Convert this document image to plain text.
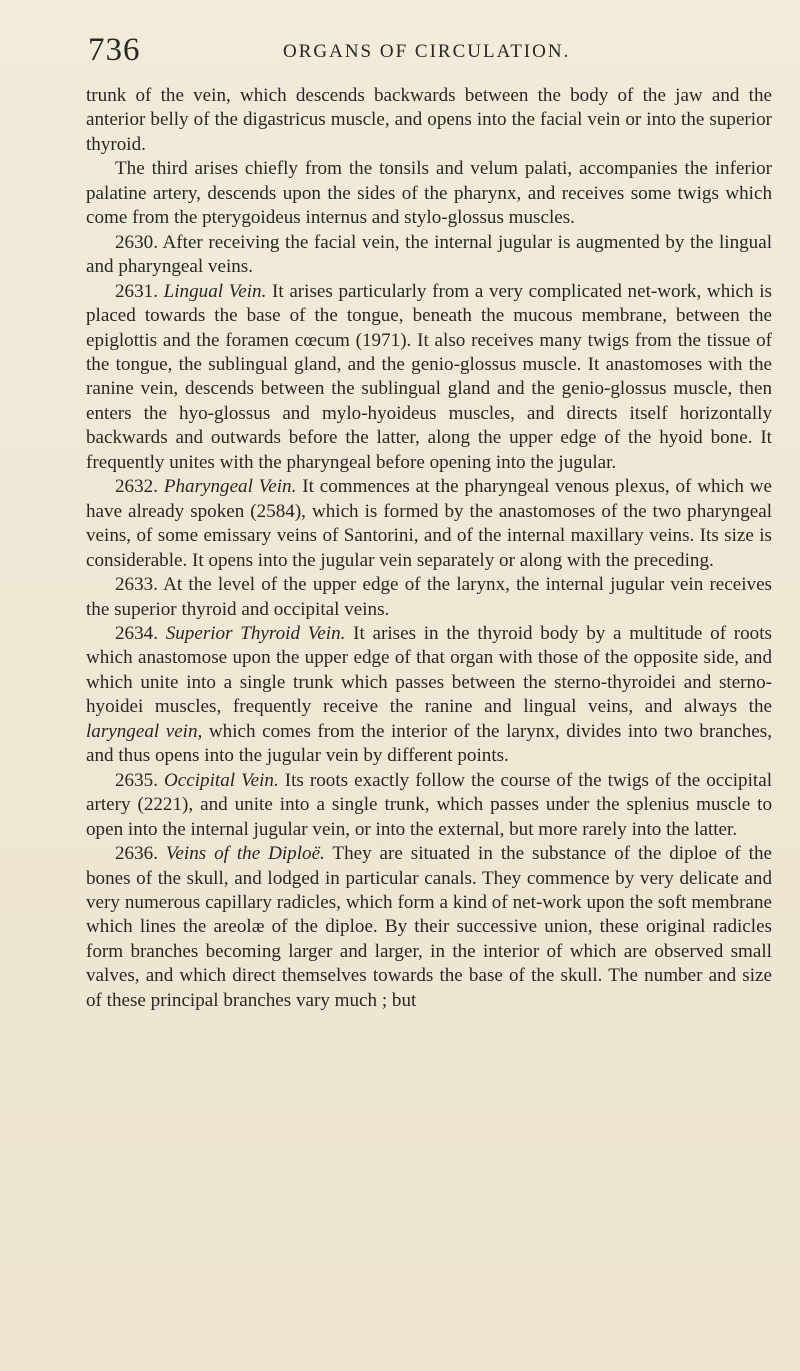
736	ORGANS OF CIRCULATION.

trunk of the vein, which descends backwards between the body of the jaw and the anterior belly of the digastricus muscle, and opens into the facial vein or into the superior thyroid.

The third arises chiefly from the tonsils and velum palati, accompanies the inferior palatine artery, descends upon the sides of the pharynx, and receives some twigs which come from the pterygoideus internus and stylo-glossus muscles.

2630. After receiving the facial vein, the internal jugular is augmented by the lingual and pharyngeal veins.

2631. Lingual Vein. It arises particularly from a very complicated net-work, which is placed towards the base of the tongue, beneath the mucous membrane, between the epiglottis and the foramen cœcum (1971). It also receives many twigs from the tissue of the tongue, the sublingual gland, and the genio-glossus muscle. It anastomoses with the ranine vein, descends between the sublingual gland and the genio-glossus muscle, then enters the hyo-glossus and mylo-hyoideus muscles, and directs itself horizontally backwards and outwards before the latter, along the upper edge of the hyoid bone. It frequently unites with the pharyngeal before opening into the jugular.

2632. Pharyngeal Vein. It commences at the pharyngeal venous plexus, of which we have already spoken (2584), which is formed by the anastomoses of the two pharyngeal veins, of some emissary veins of Santorini, and of the internal maxillary veins. Its size is considerable. It opens into the jugular vein separately or along with the preceding.

2633. At the level of the upper edge of the larynx, the internal jugular vein receives the superior thyroid and occipital veins.

2634. Superior Thyroid Vein. It arises in the thyroid body by a multitude of roots which anastomose upon the upper edge of that organ with those of the opposite side, and which unite into a single trunk which passes between the sterno-thyroidei and sterno-hyoidei muscles, frequently receive the ranine and lingual veins, and always the laryngeal vein, which comes from the interior of the larynx, divides into two branches, and thus opens into the jugular vein by different points.

2635. Occipital Vein. Its roots exactly follow the course of the twigs of the occipital artery (2221), and unite into a single trunk, which passes under the splenius muscle to open into the internal jugular vein, or into the external, but more rarely into the latter.

2636. Veins of the Diploë. They are situated in the substance of the diploe of the bones of the skull, and lodged in particular canals. They commence by very delicate and very numerous capillary radicles, which form a kind of net-work upon the soft membrane which lines the areolæ of the diploe. By their successive union, these original radicles form branches becoming larger and larger, in the interior of which are observed small valves, and which direct themselves towards the base of the skull. The number and size of these principal branches vary much ; but
